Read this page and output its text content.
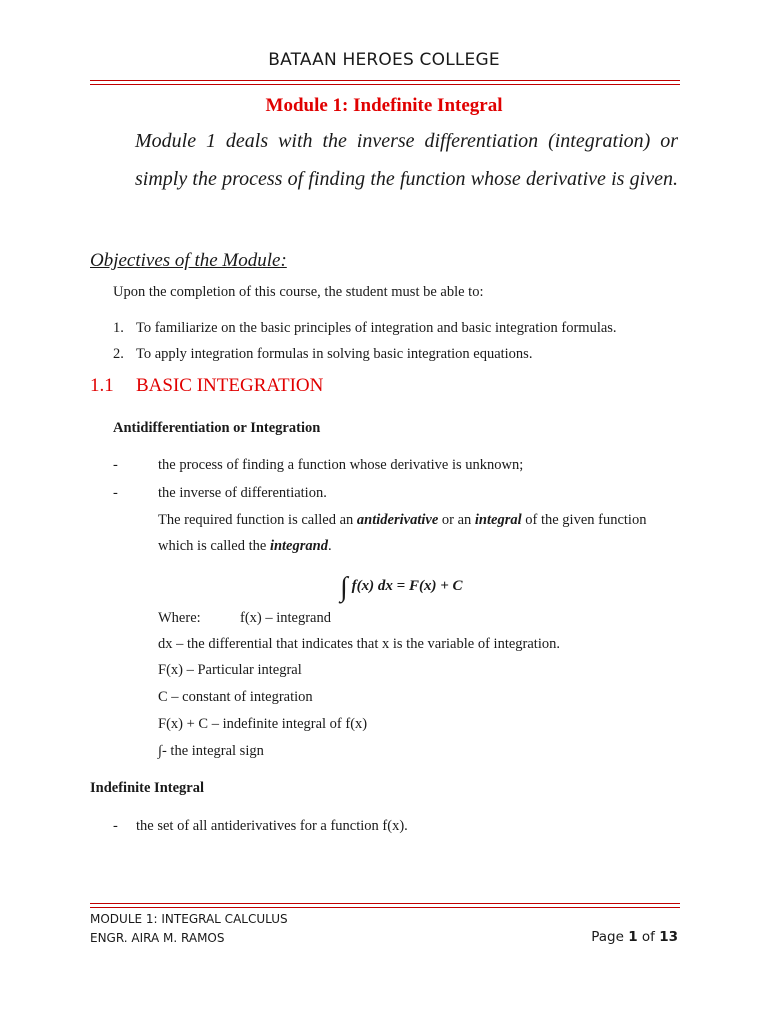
BATAAN HEROES COLLEGE
Module 1: Indefinite Integral
Module 1 deals with the inverse differentiation (integration) or
simply the process of finding the function whose derivative is given.
Objectives of the Module:
Upon the completion of this course, the student must be able to:
1. To familiarize on the basic principles of integration and basic integration formulas.
2. To apply integration formulas in solving basic integration equations.
1.1 BASIC INTEGRATION
Antidifferentiation or Integration
-	the process of finding a function whose derivative is unknown;
-	the inverse of differentiation.
The required function is called an antiderivative or an integral of the given function
which is called the integrand.
∫ f(x) dx = F(x) + C
Where:	f(x) – integrand
dx – the differential that indicates that x is the variable of integration.
F(x) – Particular integral
C – constant of integration
F(x) + C – indefinite integral of f(x)
∫- the integral sign
Indefinite Integral
- the set of all antiderivatives for a function f(x).
MODULE 1: INTEGRAL CALCULUS
ENGR. AIRA M. RAMOS	Page 1 of 13
